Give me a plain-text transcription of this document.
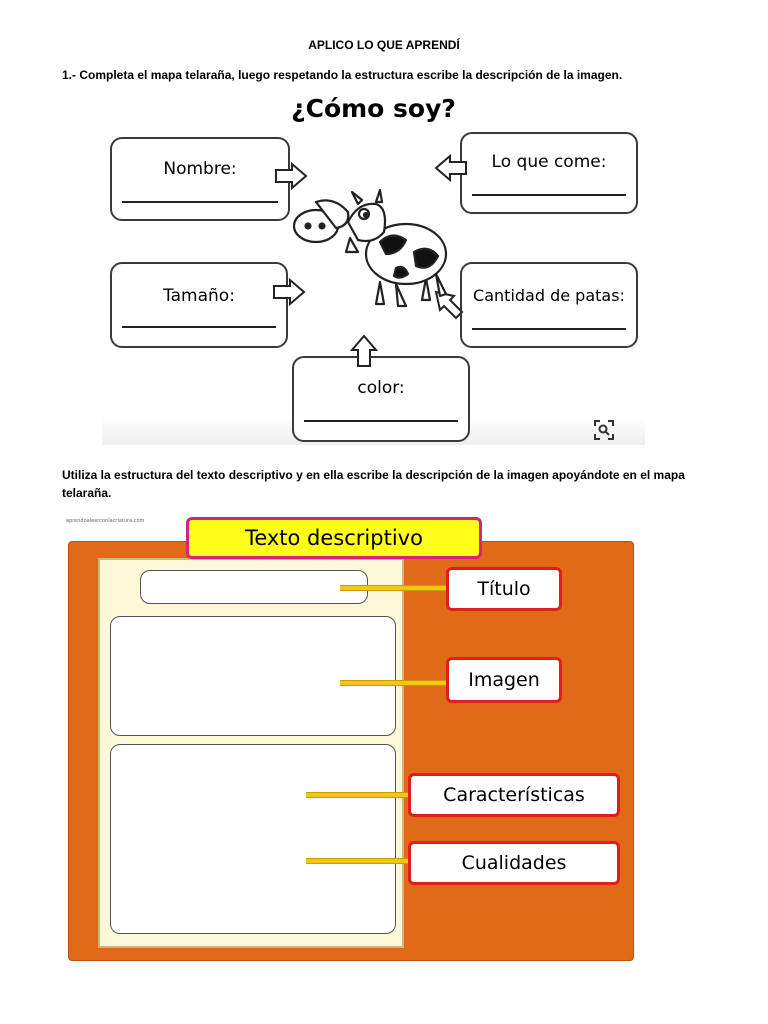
APLICO LO QUE APRENDÍ
1.- Completa el mapa telaraña, luego respetando la estructura escribe la descripción de la imagen.
¿Cómo soy?
Nombre:	Lo que come:
Tamaño:	Cantidad de patas:
color:
Utiliza la estructura del texto descriptivo y en ella escribe la descripción de la imagen apoyándote en el mapa telaraña.
aprendoaleerconlacriatura.com
Texto descriptivo
Título
Imagen
Características
Cualidades
